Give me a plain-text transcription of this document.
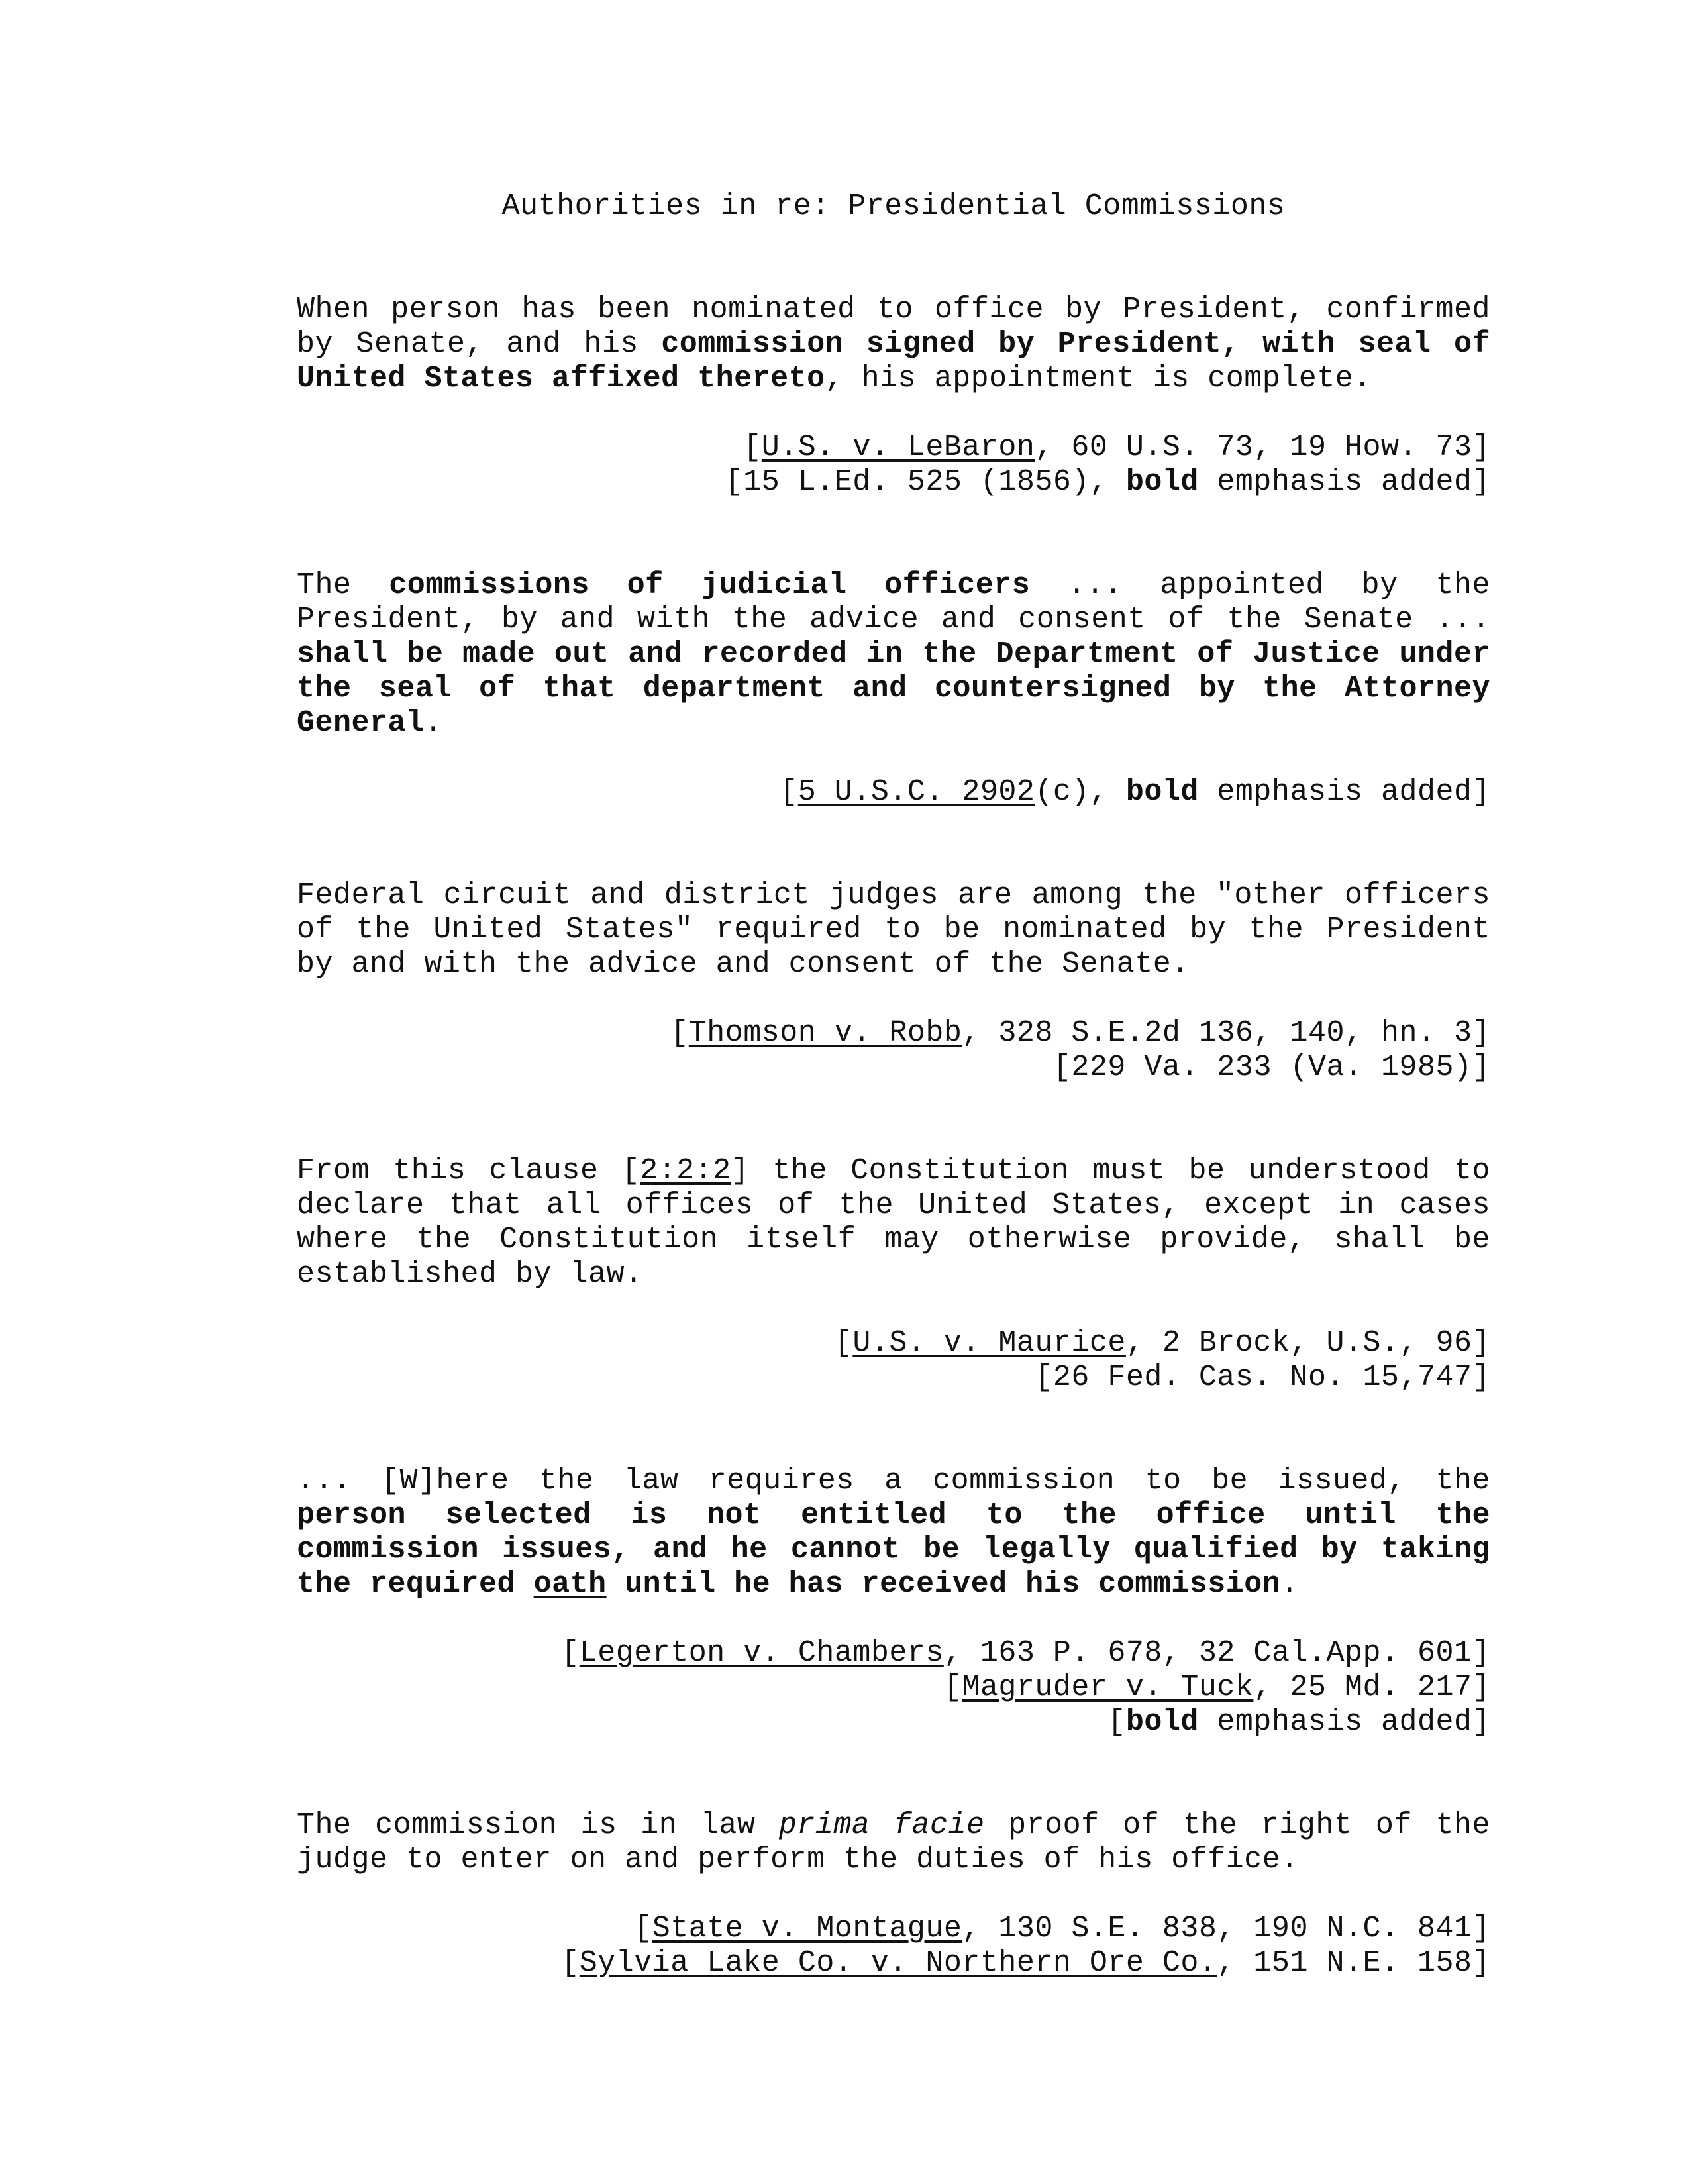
Authorities in re: Presidential Commissions

When person has been nominated to office by President, confirmed by Senate, and his commission signed by President, with seal of United States affixed thereto, his appointment is complete.

[U.S. v. LeBaron, 60 U.S. 73, 19 How. 73]

[15 L.Ed. 525 (1856), bold emphasis added]

The commissions of judicial officers ... appointed by the President, by and with the advice and consent of the Senate ... shall be made out and recorded in the Department of Justice under the seal of that department and countersigned by the Attorney General.

[5 U.S.C. 2902(c), bold emphasis added]

Federal circuit and district judges are among the "other officers of the United States" required to be nominated by the President by and with the advice and consent of the Senate.

[Thomson v. Robb, 328 S.E.2d 136, 140, hn. 3]

[229 Va. 233 (Va. 1985)]

From this clause [2:2:2] the Constitution must be understood to declare that all offices of the United States, except in cases where the Constitution itself may otherwise provide, shall be established by law.

[U.S. v. Maurice, 2 Brock, U.S., 96]

[26 Fed. Cas. No. 15,747]

... [W]here the law requires a commission to be issued, the person selected is not entitled to the office until the commission issues, and he cannot be legally qualified by taking the required oath until he has received his commission.

[Legerton v. Chambers, 163 P. 678, 32 Cal.App. 601]

[Magruder v. Tuck, 25 Md. 217]

[bold emphasis added]

The commission is in law prima facie proof of the right of the judge to enter on and perform the duties of his office.

[State v. Montague, 130 S.E. 838, 190 N.C. 841]

[Sylvia Lake Co. v. Northern Ore Co., 151 N.E. 158]
